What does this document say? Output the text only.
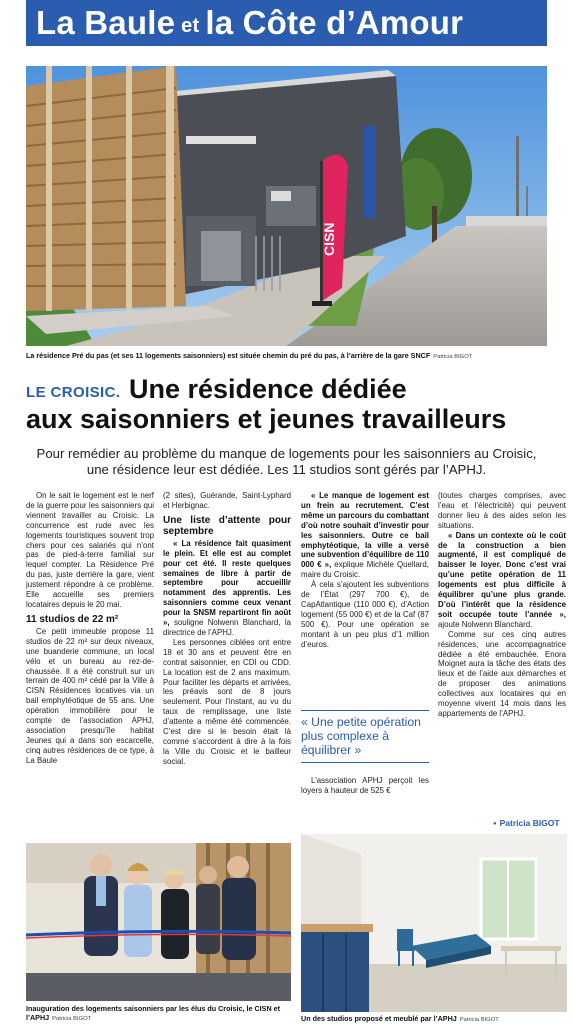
La Baule et la Côte d’Amour
CISN
La résidence Pré du pas (et ses 11 logements saisonniers) est située chemin du pré du pas, à l’arrière de la gare SNCF Patricia BIGOT
LE CROISIC. Une résidence dédiée
aux saisonniers et jeunes travailleurs
Pour remédier au problème du manque de logements pour les saisonniers au Croisic, une résidence leur est dédiée. Les 11 studios sont gérés par l’APHJ.

On le sait le logement est le nerf de la guerre pour les saisonniers qui viennent travailler au Croisic. La concurrence est rude avec les logements touristiques souvent trop chers pour ces salariés qui n’ont pas de pied-à-terre familial sur lequel compter. La Résidence Pré du pas, juste derrière la gare, vient justement répondre à ce problème. Elle accueille ses premiers locataires depuis le 20 mai.

11 studios de 22 m²

Ce petit immeuble propose 11 studios de 22 m² sur deux niveaux, une buanderie commune, un local vélo et un bureau au rez-de-chaussée. Il a été construit sur un terrain de 400 m² cédé par la Ville à CISN Résidences locatives via un bail emphytéotique de 55 ans. Une opération immobilière pour le compte de l’association APHJ, association presqu’île habitat Jeunes qui a dans son escarcelle, cinq autres résidences de ce type, à La Baule

(2 sites), Guérande, Saint-Lyphard et Herbignac.

Une liste d’attente pour septembre

« La résidence fait quasiment le plein. Et elle est au complet pour cet été. Il reste quelques semaines de libre à partir de septembre pour accueillir notamment des apprentis. Les saisonniers comme ceux venant pour la SNSM repartiront fin août », souligne Nolwenn Blanchard, la directrice de l’APHJ.

Les personnes ciblées ont entre 18 et 30 ans et peuvent être en contrat saisonnier, en CDI ou CDD. La location est de 2 ans maximum. Pour faciliter les départs et arrivées, les préavis sont de 8 jours seulement. Pour l’instant, au vu du taux de remplissage, une liste d’attente a même été commencée. C’est dire si le besoin était là comme s’accordent à dire à la fois la Ville du Croisic et le bailleur social.

« Le manque de logement est un frein au recrutement. C’est même un parcours du combattant d’où notre souhait d’investir pour les saisonniers. Outre ce bail emphytéotique, la ville a versé une subvention d’équilibre de 110 000 € », explique Michèle Quellard, maire du Croisic.

À cela s’ajoutent les subventions de l’État (297 700 €), de CapAtlantique (110 000 €), d’Action logement (55 000 €) et de la Caf (87 500 €). Pour une opération se montant à un peu plus d’1 million d’euros.

« Une petite opération plus complexe à équilibrer »

L’association APHJ perçoit les loyers à hauteur de 525 €

(toutes charges comprises, avec l’eau et l’électricité) qui peuvent donner lieu à des aides selon les situations.

« Dans un contexte où le coût de la construction a bien augmenté, il est compliqué de baisser le loyer. Donc c’est vrai qu’une petite opération de 11 logements est plus difficile à équilibrer qu’une plus grande. D’où l’intérêt que la résidence soit occupée toute l’année », ajoute Nolwenn Blanchard.

Comme sur ces cinq autres résidences, une accompagnatrice dédiée a été embauchée. Enora Moignet aura la tâche des états des lieux et de l’aide aux démarches et de proposer des animations collectives aux locataires qui en moyenne vivent 14 mois dans les appartements de l’APHJ.

● Patricia BIGOT
Inauguration des logements saisonniers par les élus du Croisic, le CISN et l’APHJ Patricia BIGOT	Un des studios proposé et meublé par l’APHJ Patricia BIGOT
